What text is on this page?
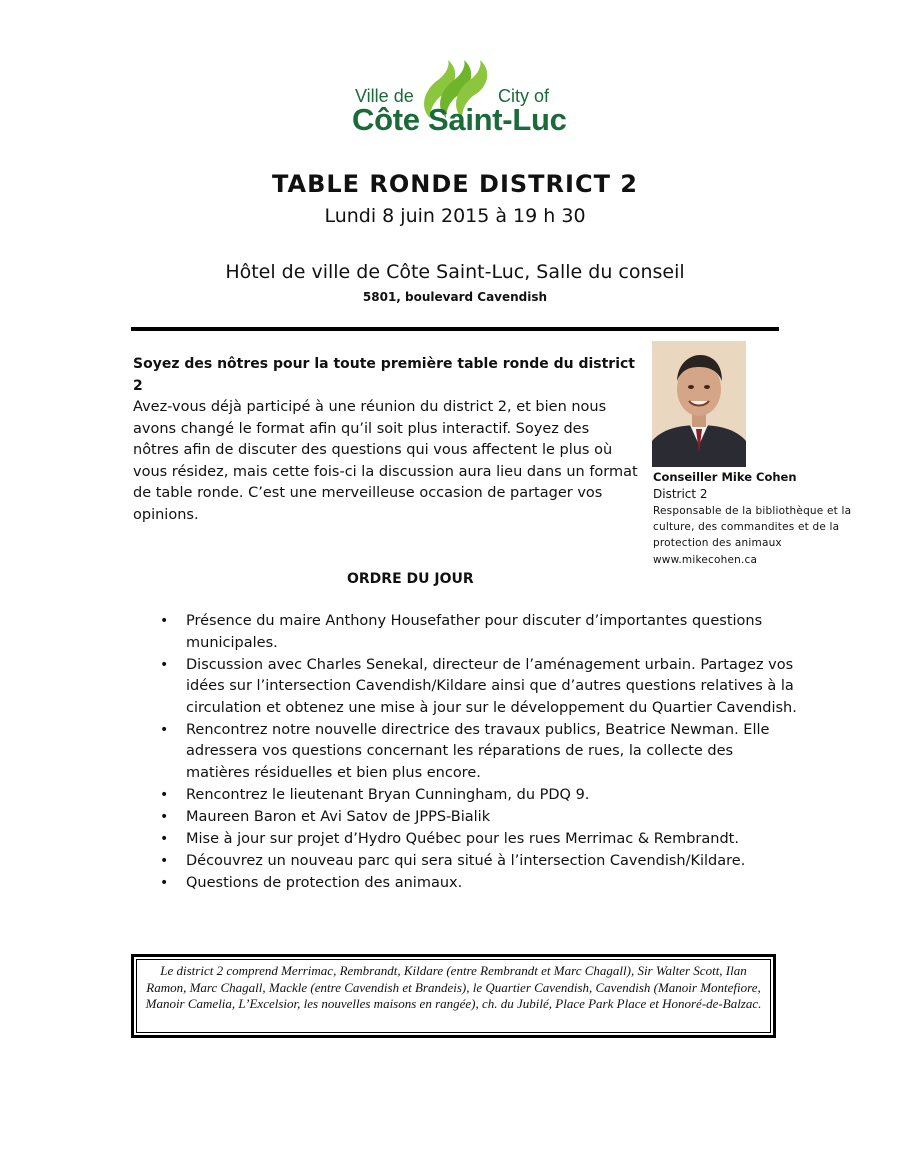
Ville de	City of
Côte Saint-Luc
TABLE RONDE DISTRICT 2
Lundi 8 juin 2015 à 19 h 30
Hôtel de ville de Côte Saint-Luc, Salle du conseil
5801, boulevard Cavendish
Soyez des nôtres pour la toute première table ronde du district 2
Avez-vous déjà participé à une réunion du district 2, et bien nous avons changé le format afin qu’il soit plus interactif. Soyez des nôtres afin de discuter des questions qui vous affectent le plus où vous résidez, mais cette fois-ci la discussion aura lieu dans un format de table ronde. C’est une merveilleuse occasion de partager vos opinions.
Conseiller Mike Cohen
District 2
Responsable de la bibliothèque et la culture, des commandites et de la protection des animaux
www.mikecohen.ca
ORDRE DU JOUR
• Présence du maire Anthony Housefather pour discuter d’importantes questions municipales.
• Discussion avec Charles Senekal, directeur de l’aménagement urbain. Partagez vos idées sur l’intersection Cavendish/Kildare ainsi que d’autres questions relatives à la circulation et obtenez une mise à jour sur le développement du Quartier Cavendish.
• Rencontrez notre nouvelle directrice des travaux publics, Beatrice Newman. Elle adressera vos questions concernant les réparations de rues, la collecte des matières résiduelles et bien plus encore.
• Rencontrez le lieutenant Bryan Cunningham, du PDQ 9.
• Maureen Baron et Avi Satov de JPPS-Bialik
• Mise à jour sur projet d’Hydro Québec pour les rues Merrimac & Rembrandt.
• Découvrez un nouveau parc qui sera situé à l’intersection Cavendish/Kildare.
• Questions de protection des animaux.
Le district 2 comprend Merrimac, Rembrandt, Kildare (entre Rembrandt et Marc Chagall), Sir Walter Scott, Ilan Ramon, Marc Chagall, Mackle (entre Cavendish et Brandeis), le Quartier Cavendish, Cavendish (Manoir Montefiore, Manoir Camelia, L’Excelsior, les nouvelles maisons en rangée), ch. du Jubilé, Place Park Place et Honoré-de-Balzac.
